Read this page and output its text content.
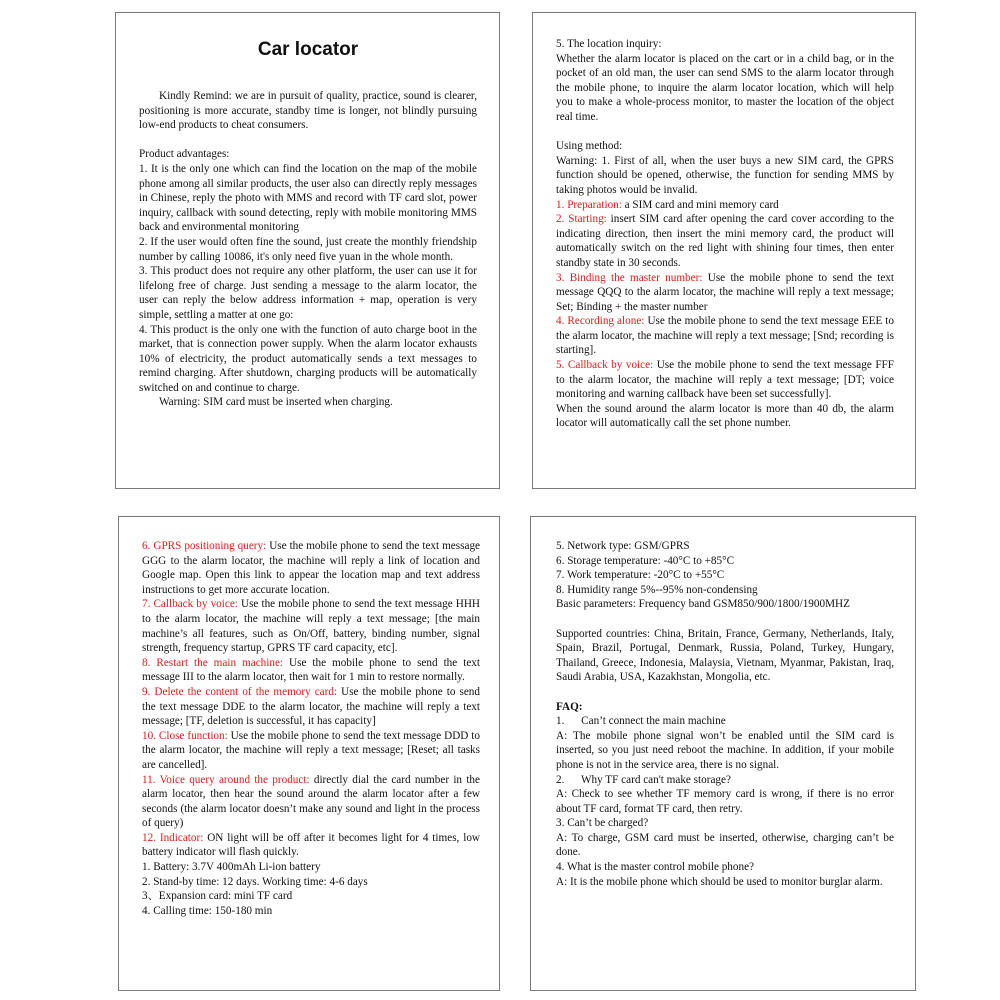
Car locator

Kindly Remind: we are in pursuit of quality, practice, sound is clearer, positioning is more accurate, standby time is longer, not blindly pursuing low-end products to cheat consumers.

Product advantages:

1. It is the only one which can find the location on the map of the mobile phone among all similar products, the user also can directly reply messages in Chinese, reply the photo with MMS and record with TF card slot, power inquiry, callback with sound detecting, reply with mobile monitoring MMS back and environmental monitoring

2. If the user would often fine the sound, just create the monthly friendship number by calling 10086, it's only need five yuan in the whole month.

3. This product does not require any other platform, the user can use it for lifelong free of charge. Just sending a message to the alarm locator, the user can reply the below address information + map, operation is very simple, settling a matter at one go:

4. This product is the only one with the function of auto charge boot in the market, that is connection power supply. When the alarm locator exhausts 10% of electricity, the product automatically sends a text messages to remind charging. After shutdown, charging products will be automatically switched on and continue to charge.

Warning: SIM card must be inserted when charging.

5. The location inquiry:

Whether the alarm locator is placed on the cart or in a child bag, or in the pocket of an old man, the user can send SMS to the alarm locator through the mobile phone, to inquire the alarm locator location, which will help you to make a whole-process monitor, to master the location of the object real time.

Using method:

Warning: 1. First of all, when the user buys a new SIM card, the GPRS function should be opened, otherwise, the function for sending MMS by taking photos would be invalid.

1. Preparation: a SIM card and mini memory card

2. Starting: insert SIM card after opening the card cover according to the indicating direction, then insert the mini memory card, the product will automatically switch on the red light with shining four times, then enter standby state in 30 seconds.

3. Binding the master number: Use the mobile phone to send the text message QQQ to the alarm locator, the machine will reply a text message; Set; Binding + the master number

4. Recording alone: Use the mobile phone to send the text message EEE to the alarm locator, the machine will reply a text message; [Snd; recording is starting].

5. Callback by voice: Use the mobile phone to send the text message FFF to the alarm locator, the machine will reply a text message; [DT; voice monitoring and warning callback have been set successfully].

When the sound around the alarm locator is more than 40 db, the alarm locator will automatically call the set phone number.

6. GPRS positioning query: Use the mobile phone to send the text message GGG to the alarm locator, the machine will reply a link of location and Google map. Open this link to appear the location map and text address instructions to get more accurate location.

7. Callback by voice: Use the mobile phone to send the text message HHH to the alarm locator, the machine will reply a text message; [the main machine’s all features, such as On/Off, battery, binding number, signal strength, frequency startup, GPRS TF card capacity, etc].

8. Restart the main machine: Use the mobile phone to send the text message III to the alarm locator, then wait for 1 min to restore normally.

9. Delete the content of the memory card: Use the mobile phone to send the text message DDE to the alarm locator, the machine will reply a text message; [TF, deletion is successful, it has capacity]

10. Close function: Use the mobile phone to send the text message DDD to the alarm locator, the machine will reply a text message; [Reset; all tasks are cancelled].

11. Voice query around the product: directly dial the card number in the alarm locator, then hear the sound around the alarm locator after a few seconds (the alarm locator doesn’t make any sound and light in the process of query)

12. Indicator: ON light will be off after it becomes light for 4 times, low battery indicator will flash quickly.

1. Battery: 3.7V 400mAh Li-ion battery

2. Stand-by time: 12 days. Working time: 4-6 days

3、Expansion card: mini TF card

4. Calling time: 150-180 min

5. Network type: GSM/GPRS

6. Storage temperature: -40°C to +85°C

7. Work temperature: -20°C to +55°C

8. Humidity range 5%--95% non-condensing

Basic parameters: Frequency band GSM850/900/1800/1900MHZ

Supported countries: China, Britain, France, Germany, Netherlands, Italy, Spain, Brazil, Portugal, Denmark, Russia, Poland, Turkey, Hungary, Thailand, Greece, Indonesia, Malaysia, Vietnam, Myanmar, Pakistan, Iraq, Saudi Arabia, USA, Kazakhstan, Mongolia, etc.

FAQ:

1.      Can’t connect the main machine

A: The mobile phone signal won’t be enabled until the SIM card is inserted, so you just need reboot the machine. In addition, if your mobile phone is not in the service area, there is no signal.

2.      Why TF card can't make storage?

A: Check to see whether TF memory card is wrong, if there is no error about TF card, format TF card, then retry.

3. Can’t be charged?

A: To charge, GSM card must be inserted, otherwise, charging can’t be done.

4. What is the master control mobile phone?

A: It is the mobile phone which should be used to monitor burglar alarm.
